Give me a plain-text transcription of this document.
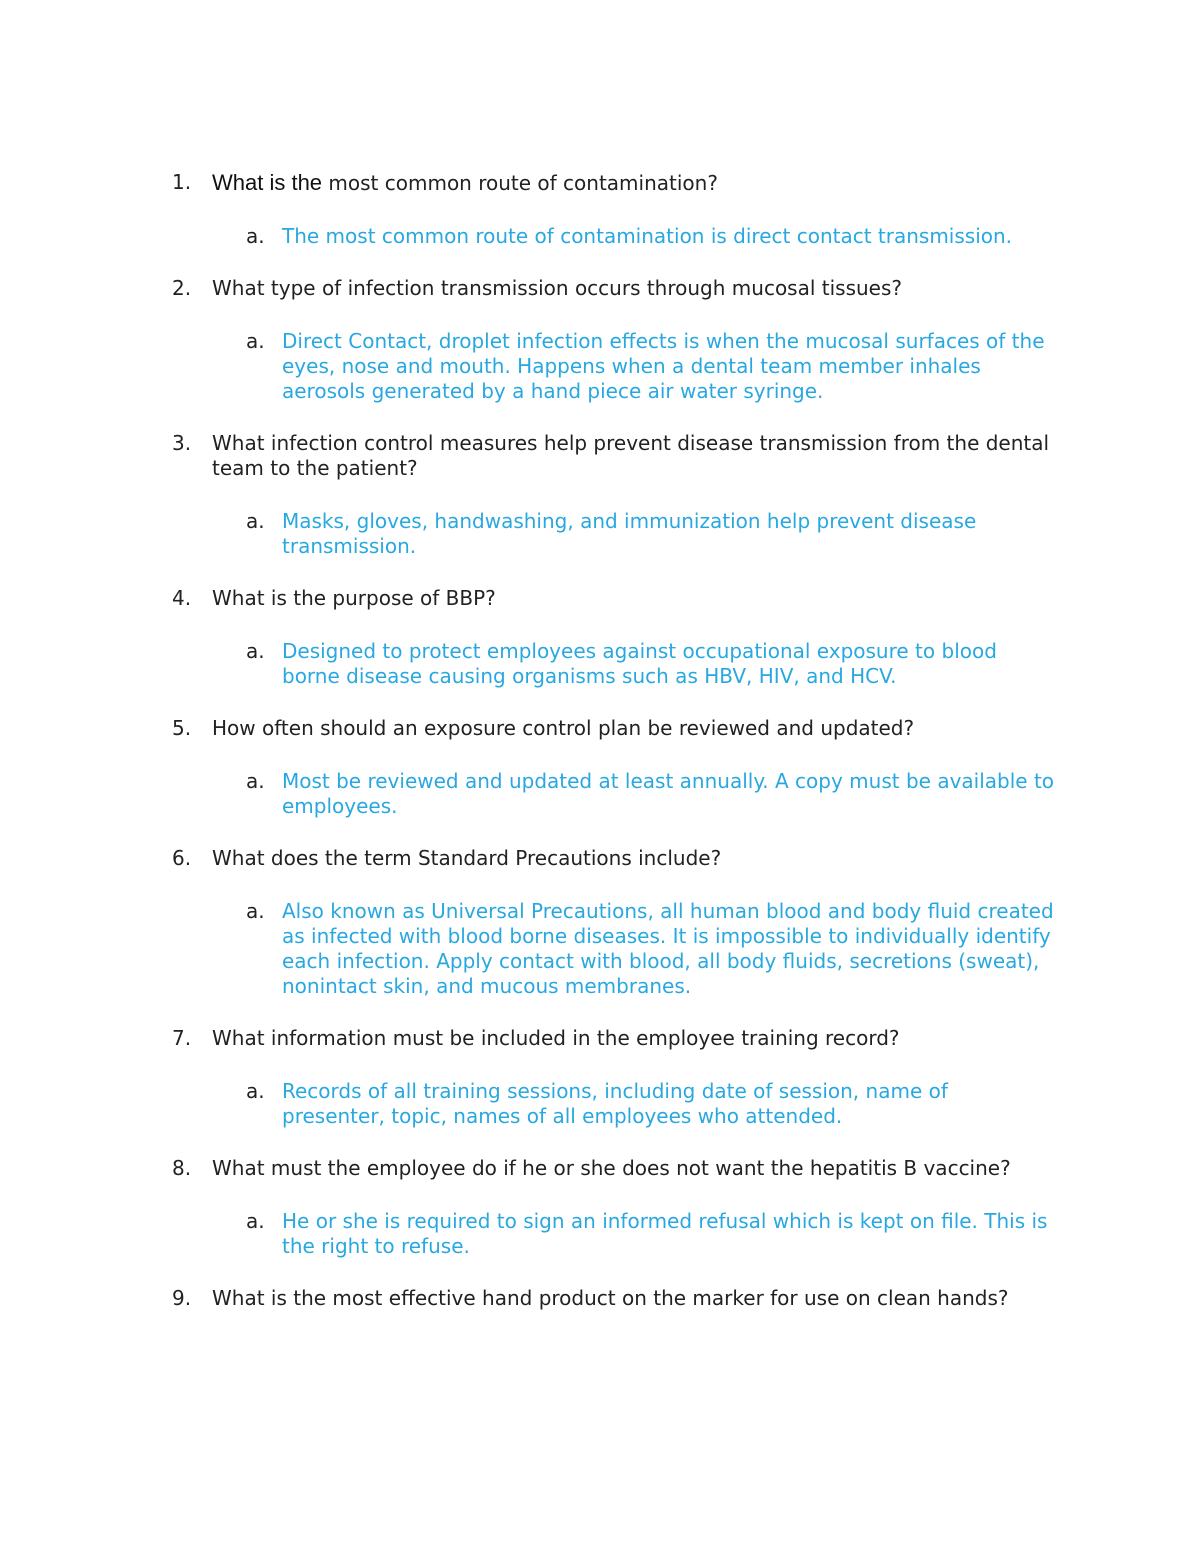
1. What is the most common route of contamination?
a. The most common route of contamination is direct contact transmission.
2.	What type of infection transmission occurs through mucosal tissues?
a. Direct Contact, droplet infection effects is when the mucosal surfaces of the eyes, nose and mouth. Happens when a dental team member inhales aerosols generated by a hand piece air water syringe.
3.	What infection control measures help prevent disease transmission from the dental team to the patient?
a. Masks, gloves, handwashing, and immunization help prevent disease transmission.
4.	What is the purpose of BBP?
a. Designed to protect employees against occupational exposure to blood borne disease causing organisms such as HBV, HIV, and HCV.
5.	How often should an exposure control plan be reviewed and updated?
a. Most be reviewed and updated at least annually. A copy must be available to employees.
6.	What does the term Standard Precautions include?
a. Also known as Universal Precautions, all human blood and body fluid created as infected with blood borne diseases. It is impossible to individually identify each infection. Apply contact with blood, all body fluids, secretions (sweat), nonintact skin, and mucous membranes.
7.	What information must be included in the employee training record?
a. Records of all training sessions, including date of session, name of presenter, topic, names of all employees who attended.
8.	What must the employee do if he or she does not want the hepatitis B vaccine?
a. He or she is required to sign an informed refusal which is kept on file. This is the right to refuse.
9.	What is the most effective hand product on the marker for use on clean hands?
